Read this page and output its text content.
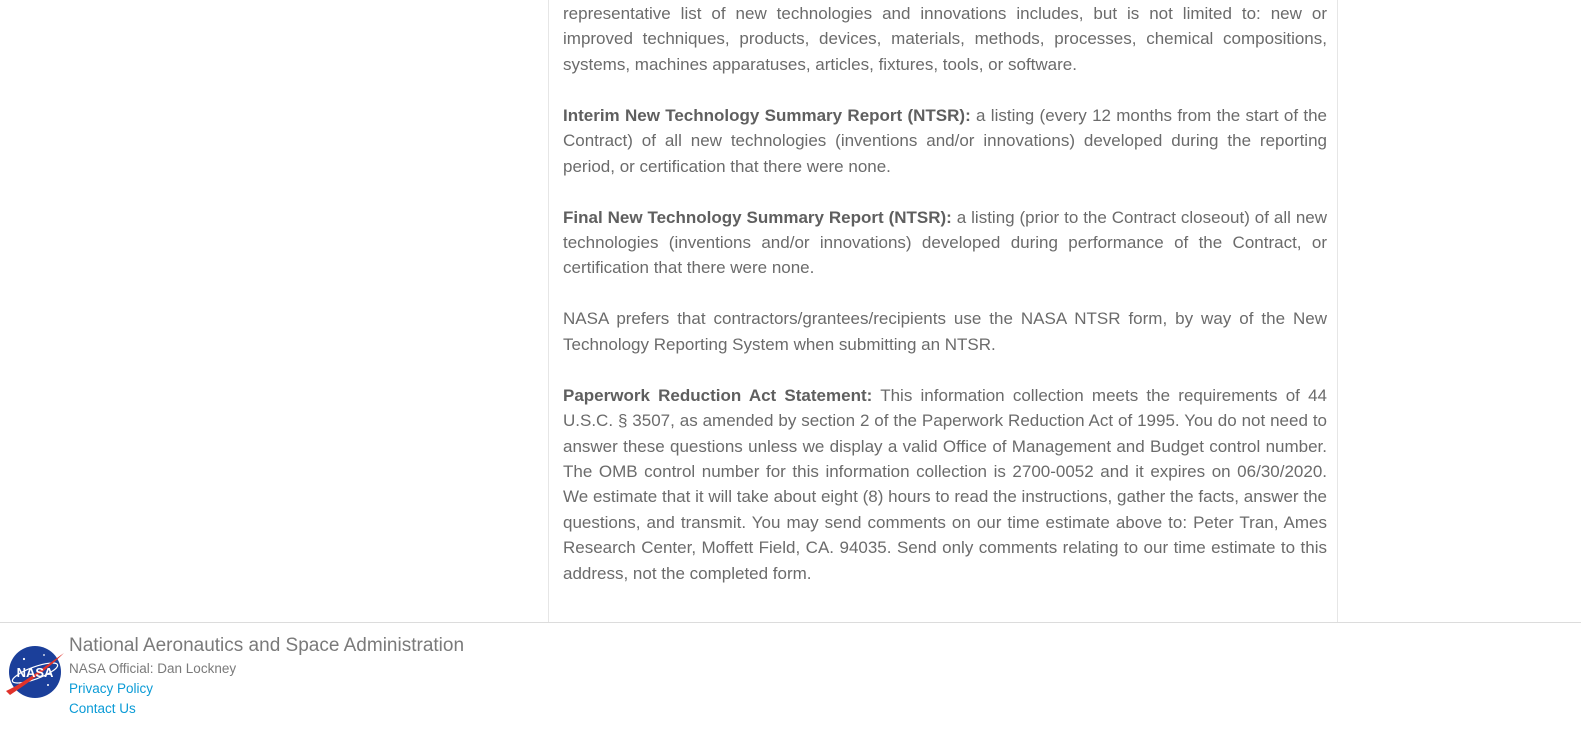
representative list of new technologies and innovations includes, but is not limited to: new or improved techniques, products, devices, materials, methods, processes, chemical compositions, systems, machines apparatuses, articles, fixtures, tools, or software.

Interim New Technology Summary Report (NTSR): a listing (every 12 months from the start of the Contract) of all new technologies (inventions and/or innovations) developed during the reporting period, or certification that there were none.

Final New Technology Summary Report (NTSR): a listing (prior to the Contract closeout) of all new technologies (inventions and/or innovations) developed during performance of the Contract, or certification that there were none.

NASA prefers that contractors/grantees/recipients use the NASA NTSR form, by way of the New Technology Reporting System when submitting an NTSR.

Paperwork Reduction Act Statement: This information collection meets the requirements of 44 U.S.C. § 3507, as amended by section 2 of the Paperwork Reduction Act of 1995. You do not need to answer these questions unless we display a valid Office of Management and Budget control number. The OMB control number for this information collection is 2700-0052 and it expires on 06/30/2020. We estimate that it will take about eight (8) hours to read the instructions, gather the facts, answer the questions, and transmit. You may send comments on our time estimate above to: Peter Tran, Ames Research Center, Moffett Field, CA. 94035. Send only comments relating to our time estimate to this address, not the completed form.

NASA
National Aeronautics and Space Administration
NASA Official: Dan Lockney
Privacy Policy
Contact Us
